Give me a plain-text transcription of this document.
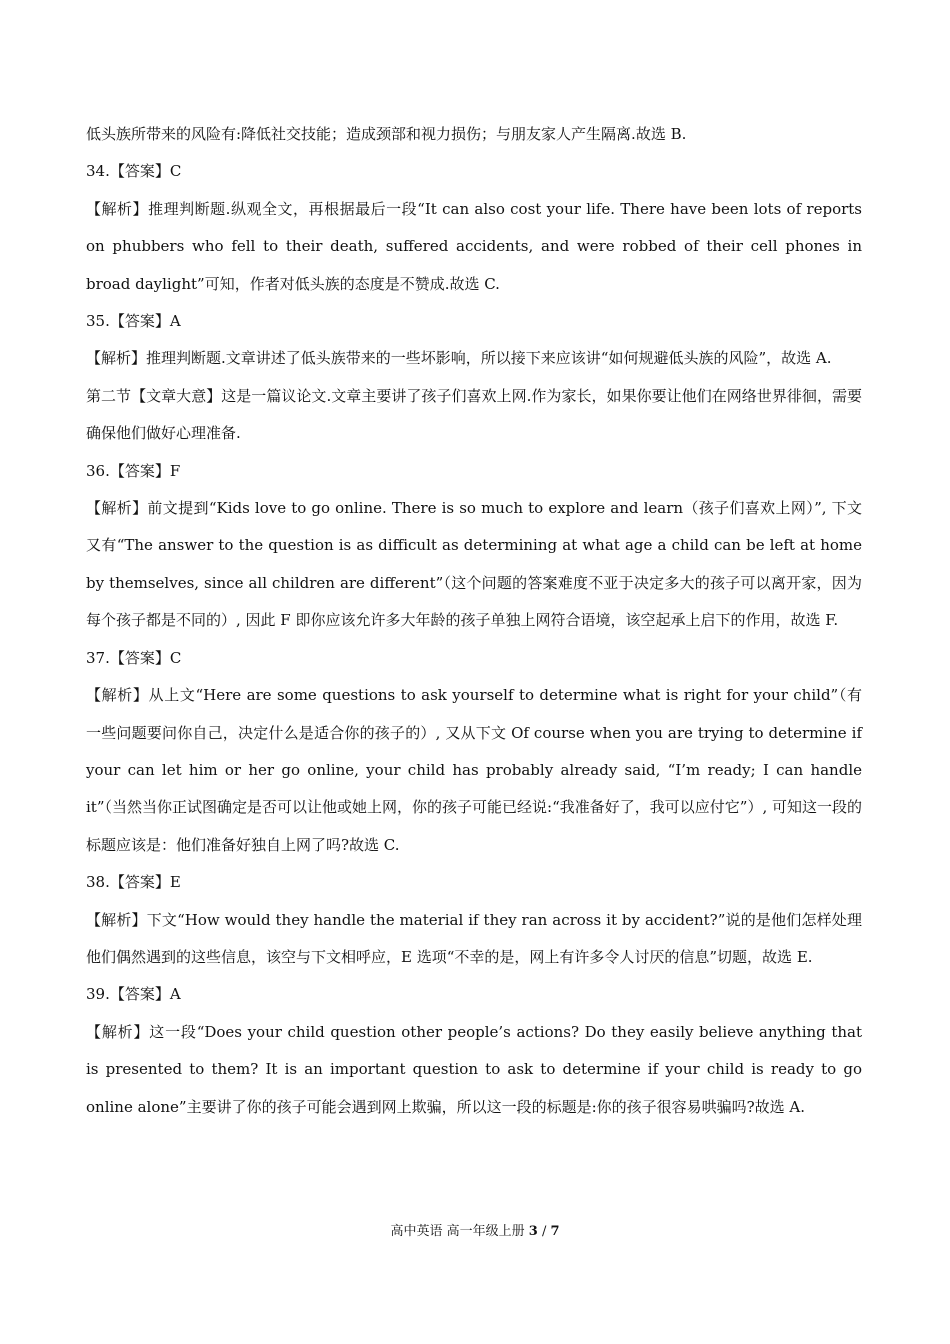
低头族所带来的风险有:降低社交技能；造成颈部和视力损伤；与朋友家人产生隔离.故选 B.

34.【答案】C

【解析】推理判断题.纵观全文，再根据最后一段“It can also cost your life. There have been lots of reports on phubbers who fell to their death, suffered accidents, and were robbed of their cell phones in broad daylight”可知，作者对低头族的态度是不赞成.故选 C.

35.【答案】A

【解析】推理判断题.文章讲述了低头族带来的一些坏影响，所以接下来应该讲“如何规避低头族的风险”，故选 A.

第二节【文章大意】这是一篇议论文.文章主要讲了孩子们喜欢上网.作为家长，如果你要让他们在网络世界徘徊，需要确保他们做好心理准备.

36.【答案】F

【解析】前文提到“Kids love to go online. There is so much to explore and learn（孩子们喜欢上网）”, 下文又有“The answer to the question is as difficult as determining at what age a child can be left at home by themselves, since all children are different”（这个问题的答案难度不亚于决定多大的孩子可以离开家，因为每个孩子都是不同的）, 因此 F 即你应该允许多大年龄的孩子单独上网符合语境，该空起承上启下的作用，故选 F.

37.【答案】C

【解析】从上文“Here are some questions to ask yourself to determine what is right for your child”（有一些问题要问你自己，决定什么是适合你的孩子的）, 又从下文 Of course when you are trying to determine if your can let him or her go online, your child has probably already said, “I’m ready; I can handle it”（当然当你正试图确定是否可以让他或她上网，你的孩子可能已经说:“我准备好了，我可以应付它”）, 可知这一段的标题应该是：他们准备好独自上网了吗?故选 C.

38.【答案】E

【解析】下文“How would they handle the material if they ran across it by accident?”说的是他们怎样处理他们偶然遇到的这些信息，该空与下文相呼应，E 选项“不幸的是，网上有许多令人讨厌的信息”切题，故选 E.

39.【答案】A

【解析】这一段“Does your child question other people’s actions? Do they easily believe anything that is presented to them? It is an important question to ask to determine if your child is ready to go online alone”主要讲了你的孩子可能会遇到网上欺骗，所以这一段的标题是:你的孩子很容易哄骗吗?故选 A.

高中英语 高一年级上册 3 / 7
